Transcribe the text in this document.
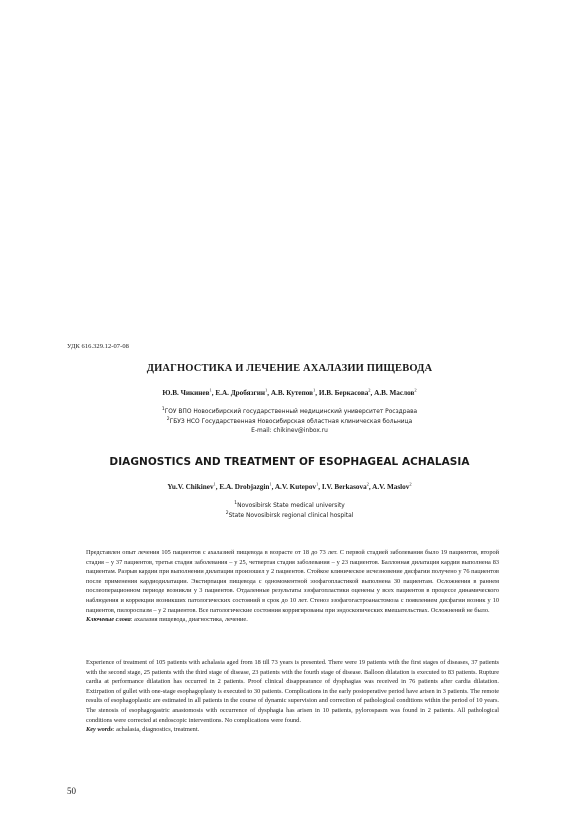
УДК 616.329.12-07-08
ДИАГНОСТИКА И ЛЕЧЕНИЕ АХАЛАЗИИ ПИЩЕВОДА
Ю.В. Чикинев$^1$, Е.А. Дробязгин$^1$, А.В. Кутепов$^1$, И.В. Беркасова$^2$, А.В. Маслов$^2$
$^1$ГОУ ВПО Новосибирский государственный медицинский университет Росздрава
$^2$ГБУЗ НСО Государственная Новосибирская областная клиническая больница
E-mail: chikinev@inbox.ru
DIAGNOSTICS AND TREATMENT OF ESOPHAGEAL ACHALASIA
Yu.V. Chikinev$^1$, E.A. Drobjazgin$^1$, A.V. Kutepov$^1$, I.V. Berkasova$^2$, A.V. Maslov$^2$
$^1$Novosibirsk State medical university
$^2$State Novosibirsk regional clinical hospital
Представлен опыт лечения 105 пациентов с ахалазией пищевода в возрасте от 18 до 73 лет. С первой стадией заболевания было 19 пациентов, второй стадия – у 37 пациентов, третья стадия заболевания – у 25, четвертая стадия заболевания – у 23 пациентов. Баллонная дилатация кардии выполнена 83 пациентам. Разрыв кардии при выполнении дилатации произошел у 2 пациентов. Стойкое клиническое исчезновение дисфагии получено у 76 пациентов после применения кардиодилатации. Экстирпация пищевода с одномоментной эзофагопластикой выполнена 30 пациентам. Осложнения в раннем послеоперационном периоде возникли у 3 пациентов. Отдаленные результаты эзофагопластики оценены у всех пациентов в процессе динамического наблюдения и коррекции возникших патологических состояний в срок до 10 лет. Стеноз эзофагогастроанастомоза с появлением дисфагии возник у 10 пациентов, пилороспазм – у 2 пациентов. Все патологические состояния корригированы при эндоскопических вмешательствах. Осложнений не было.
Ключевые слова: ахалазия пищевода, диагностика, лечение.
Experience of treatment of 105 patients with achalasia aged from 18 till 73 years is presented. There were 19 patients with the first stages of diseases, 37 patients with the second stage, 25 patients with the third stage of disease, 23 patients with the fourth stage of disease. Balloon dilatation is executed to 83 patients. Rupture cardia at performance dilatation has occurred in 2 patients. Proof clinical disappearance of dysphagias was received in 76 patients after cardia dilatation. Extirpation of gullet with one-stage esophagoplasty is executed to 30 patients. Complications in the early postoperative period have arisen in 3 patients. The remote results of esophagoplastic are estimated in all patients in the course of dynamic supervision and correction of pathological conditions within the period of 10 years. The stenosis of esophagogastric anastomosis with occurrence of dysphagia has arisen in 10 patients, pylorospasm was found in 2 patients. All pathological conditions were corrected at endoscopic interventions. No complications were found.
Key words: achalasia, diagnostics, treatment.
50
